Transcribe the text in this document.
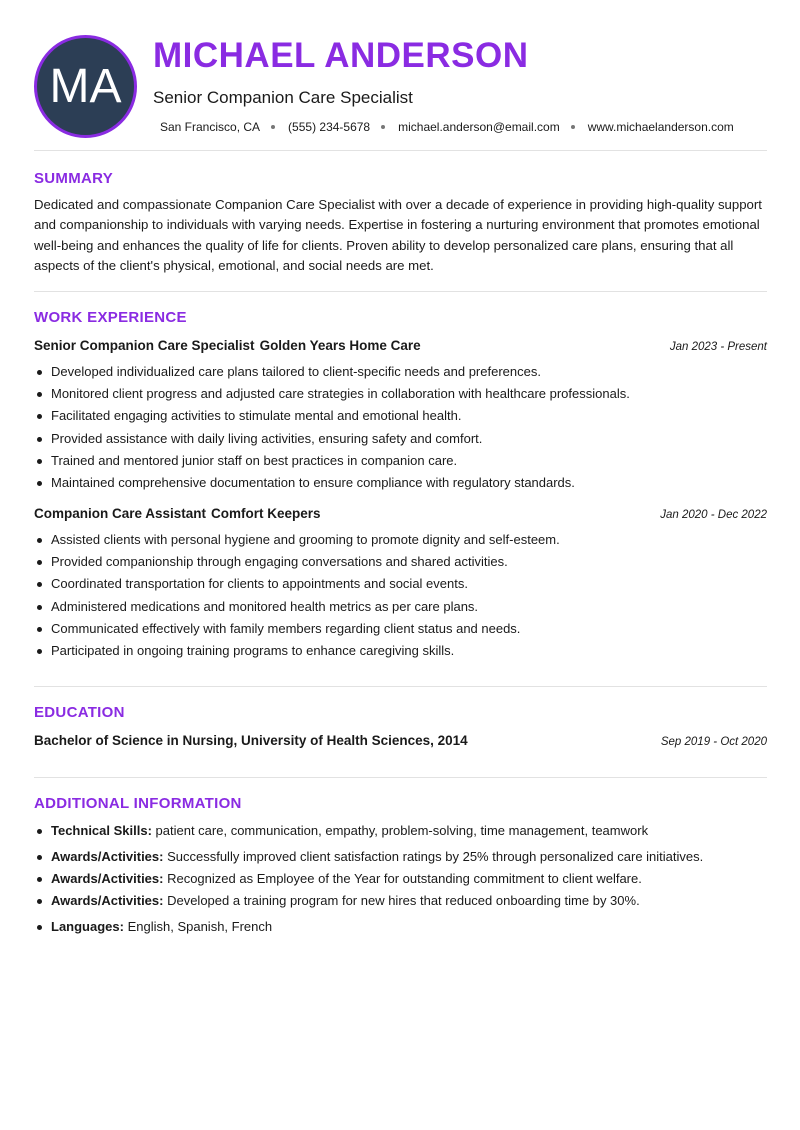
MA
MICHAEL ANDERSON
Senior Companion Care Specialist
San Francisco, CA (555) 234-5678 michael.anderson@email.com www.michaelanderson.com
SUMMARY
Dedicated and compassionate Companion Care Specialist with over a decade of experience in providing high-quality support and companionship to individuals with varying needs. Expertise in fostering a nurturing environment that promotes emotional well-being and enhances the quality of life for clients. Proven ability to develop personalized care plans, ensuring that all aspects of the client's physical, emotional, and social needs are met.
WORK EXPERIENCE
Senior Companion Care Specialist Golden Years Home Care	Jan 2023 - Present
Developed individualized care plans tailored to client-specific needs and preferences.
Monitored client progress and adjusted care strategies in collaboration with healthcare professionals.
Facilitated engaging activities to stimulate mental and emotional health.
Provided assistance with daily living activities, ensuring safety and comfort.
Trained and mentored junior staff on best practices in companion care.
Maintained comprehensive documentation to ensure compliance with regulatory standards.
Companion Care Assistant Comfort Keepers	Jan 2020 - Dec 2022
Assisted clients with personal hygiene and grooming to promote dignity and self-esteem.
Provided companionship through engaging conversations and shared activities.
Coordinated transportation for clients to appointments and social events.
Administered medications and monitored health metrics as per care plans.
Communicated effectively with family members regarding client status and needs.
Participated in ongoing training programs to enhance caregiving skills.
EDUCATION
Bachelor of Science in Nursing, University of Health Sciences, 2014	Sep 2019 - Oct 2020
ADDITIONAL INFORMATION
Technical Skills: patient care, communication, empathy, problem-solving, time management, teamwork
Awards/Activities: Successfully improved client satisfaction ratings by 25% through personalized care initiatives.
Awards/Activities: Recognized as Employee of the Year for outstanding commitment to client welfare.
Awards/Activities: Developed a training program for new hires that reduced onboarding time by 30%.
Languages: English, Spanish, French
